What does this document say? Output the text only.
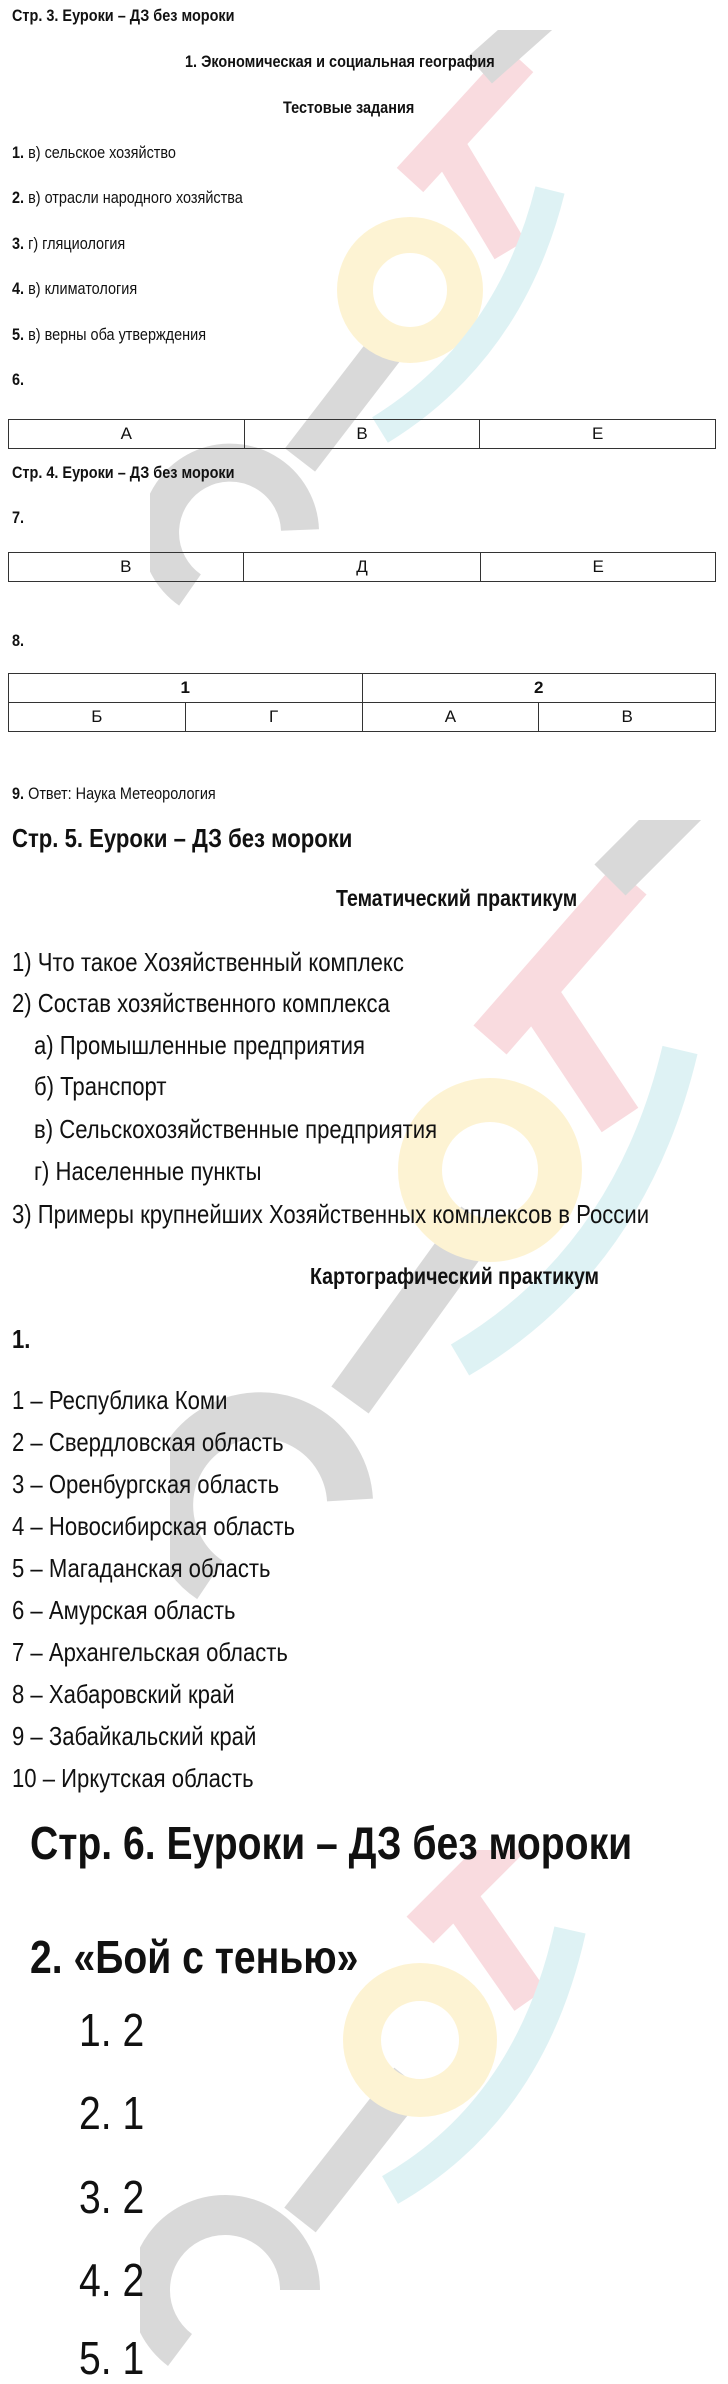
Стр. 3. Еуроки – ДЗ без мороки
1. Экономическая и социальная география
Тестовые задания
1. в) сельское хозяйство
2. в) отрасли народного хозяйства
3. г) гляциология
4. в) климатология
5. в) верны оба утверждения
6.
А	В	Е
Стр. 4. Еуроки – ДЗ без мороки
7.
В	Д	Е
8.
1		2	
Б	Г	А	В
9. Ответ: Наука Метеорология
Стр. 5. Еуроки – ДЗ без мороки
Тематический практикум
1) Что такое Хозяйственный комплекс
2) Состав хозяйственного комплекса
а) Промышленные предприятия
б) Транспорт
в) Сельскохозяйственные предприятия
г) Населенные пункты
3) Примеры крупнейших Хозяйственных комплексов в России
Картографический практикум
1.
1 – Республика Коми
2 – Свердловская область
3 – Оренбургская область
4 – Новосибирская область
5 – Магаданская область
6 – Амурская область
7 – Архангельская область
8 – Хабаровский край
9 – Забайкальский край
10 – Иркутская область
Стр. 6. Еуроки – ДЗ без мороки
2. «Бой с тенью»
1. 2
2. 1
3. 2
4. 2
5. 1
